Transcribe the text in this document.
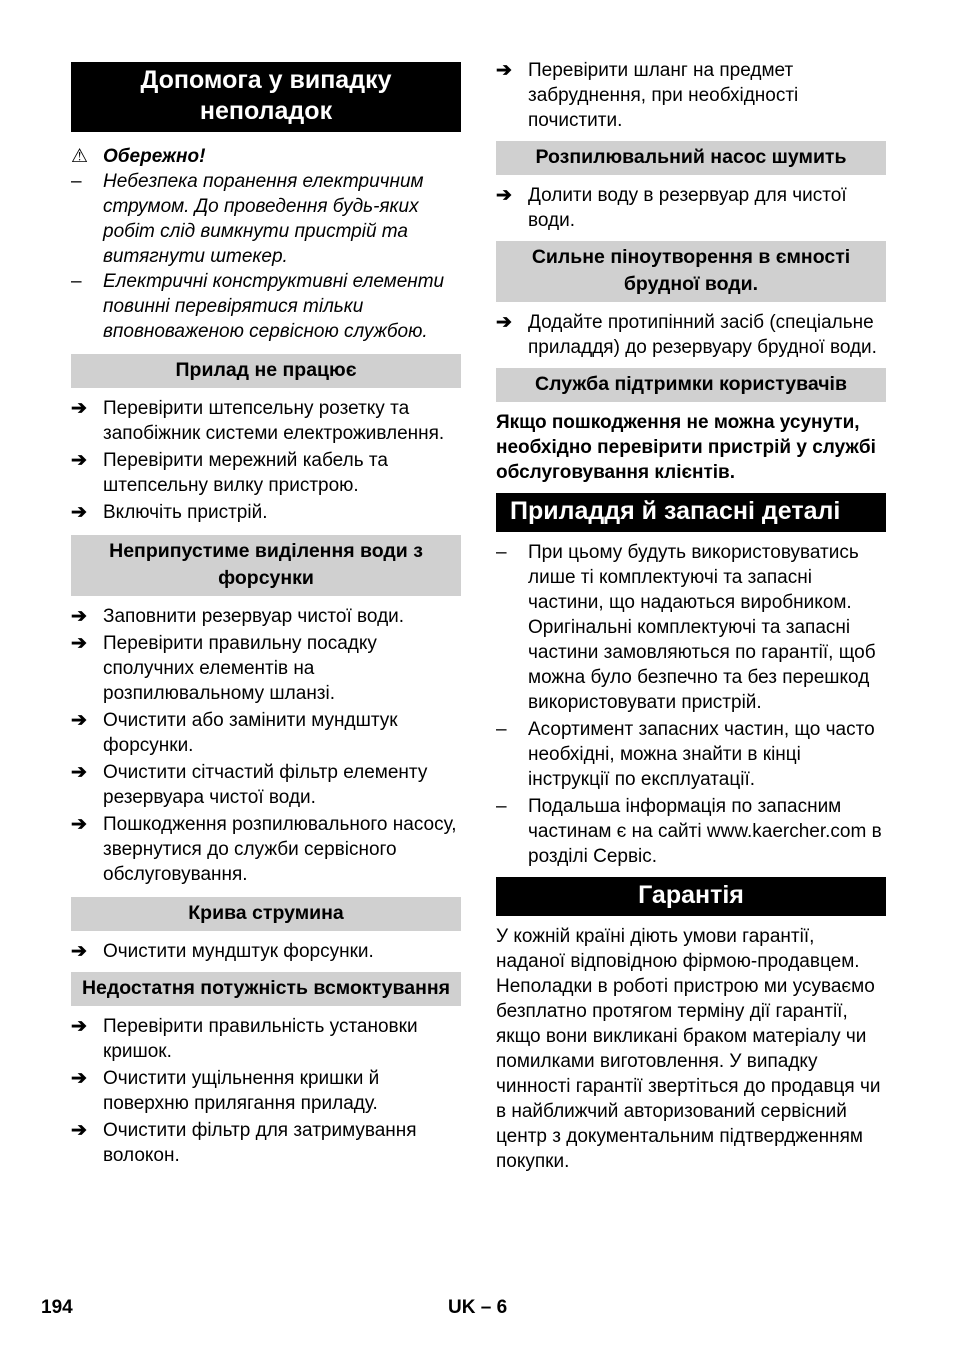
Допомога у випадку неполадок
⚠ Обережно!
–	Небезпека поранення електричним струмом. До проведення будь-яких робіт слід вимкнути пристрій та витягнути штекер.
–	Електричні конструктивні елементи повинні перевірятися тільки вповноваженою сервісною службою.
Прилад не працює
➔ Перевірити штепсельну розетку та запобіжник системи електроживлення.
➔ Перевірити мережний кабель та штепсельну вилку пристрою.
➔ Включіть пристрій.
Неприпустиме виділення води з форсунки
➔ Заповнити резервуар чистої води.
➔ Перевірити правильну посадку сполучних елементів на розпилювальному шланзі.
➔ Очистити або замінити мундштук форсунки.
➔ Очистити сітчастий фільтр елементу резервуара чистої води.
➔ Пошкодження розпилювального насосу, звернутися до служби сервісного обслуговування.
Крива струмина
➔ Очистити мундштук форсунки.
Недостатня потужність всмоктування
➔ Перевірити правильність установки кришок.
➔ Очистити ущільнення кришки й поверхню прилягання приладу.
➔ Очистити фільтр для затримування волокон.
➔ Перевірити шланг на предмет забруднення, при необхідності почистити.
Розпилювальний насос шумить
➔ Долити воду в резервуар для чистої води.
Сильне піноутворення в ємності брудної води.
➔ Додайте протипінний засіб (спеціальне приладдя) до резервуару брудної води.
Служба підтримки користувачів
Якщо пошкодження не можна усунути, необхідно перевірити пристрій у службі обслуговування клієнтів.
Приладдя й запасні деталі
–	При цьому будуть використовуватись лише ті комплектуючі та запасні частини, що надаються виробником. Оригінальні комплектуючі та запасні частини замовляються по гарантії, щоб можна було безпечно та без перешкод використовувати пристрій.
–	Асортимент запасних частин, що часто необхідні, можна знайти в кінці інструкції по експлуатації.
–	Подальша інформація по запасним частинам є на сайті www.kaercher.com в розділі Сервіс.
Гарантія
У кожній країні діють умови гарантії, наданої відповідною фірмою-продавцем. Неполадки в роботі пристрою ми усуваємо безплатно протягом терміну дії гарантії, якщо вони викликані браком матеріалу чи помилками виготовлення. У випадку чинності гарантії звертіться до продавця чи в найближчий авторизований сервісний центр з документальним підтвердженням покупки.
194	UK – 6
